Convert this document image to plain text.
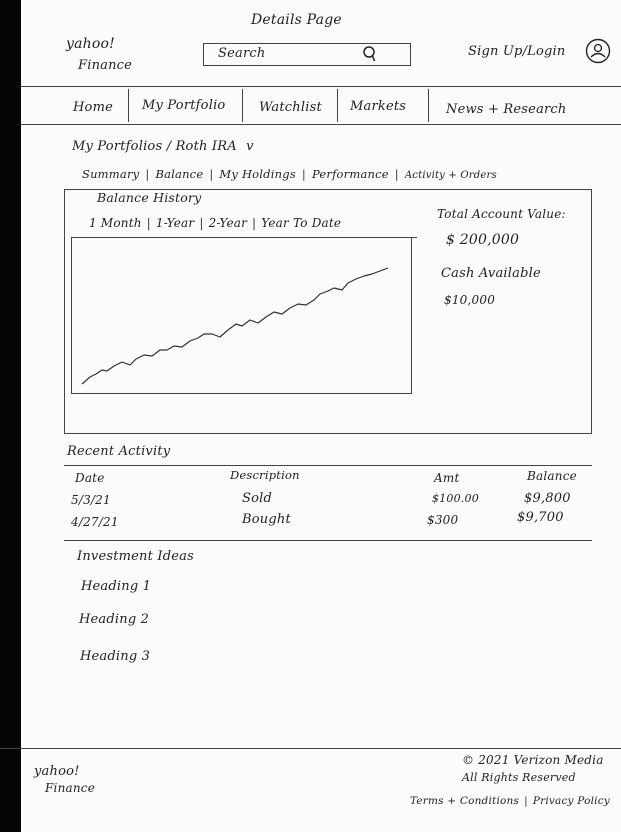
Details Page
yahoo!
Finance
Search	Sign Up/Login
Home My Portfolio	Watchlist Markets	News + Research
My Portfolios / Roth IRA v
Summary | Balance | My Holdings | Performance | Activity + Orders
Balance History
1 Month | 1-Year | 2-Year | Year To Date
Total Account Value:
$ 200,000
Cash Available
$10,000
Recent Activity
Date	Description	Amt	Balance
5/3/21	Sold	$100.00	$9,800
4/27/21	Bought	$300	$9,700
Investment Ideas
Heading 1
Heading 2
Heading 3
yahoo!
Finance
© 2021 Verizon Media
All Rights Reserved
Terms + Conditions | Privacy Policy
